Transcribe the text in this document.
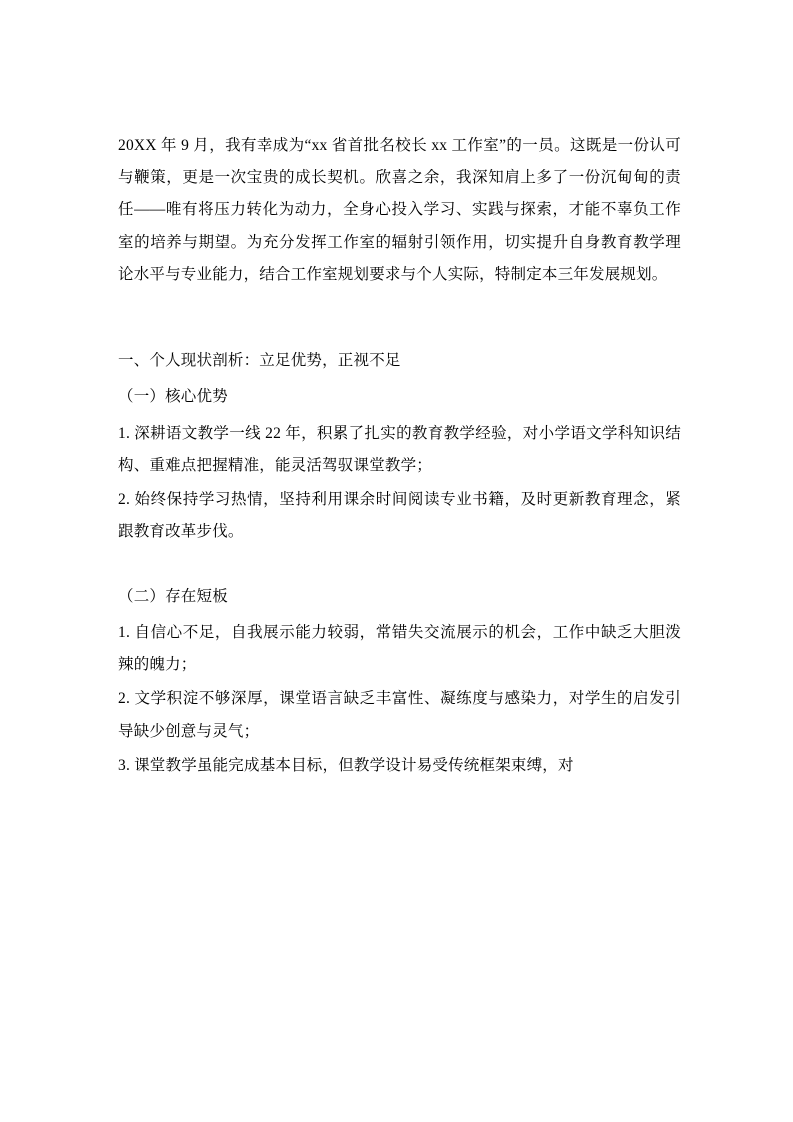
20XX 年 9 月，我有幸成为“xx 省首批名校长 xx 工作室”的一员。这既是一份认可与鞭策，更是一次宝贵的成长契机。欣喜之余，我深知肩上多了一份沉甸甸的责任——唯有将压力转化为动力，全身心投入学习、实践与探索，才能不辜负工作室的培养与期望。为充分发挥工作室的辐射引领作用，切实提升自身教育教学理论水平与专业能力，结合工作室规划要求与个人实际，特制定本三年发展规划。

一、个人现状剖析：立足优势，正视不足

（一）核心优势

1. 深耕语文教学一线 22 年，积累了扎实的教育教学经验，对小学语文学科知识结构、重难点把握精准，能灵活驾驭课堂教学；

2. 始终保持学习热情，坚持利用课余时间阅读专业书籍，及时更新教育理念，紧跟教育改革步伐。

（二）存在短板

1. 自信心不足，自我展示能力较弱，常错失交流展示的机会，工作中缺乏大胆泼辣的魄力；

2. 文学积淀不够深厚，课堂语言缺乏丰富性、凝练度与感染力，对学生的启发引导缺少创意与灵气；

3. 课堂教学虽能完成基本目标，但教学设计易受传统框架束缚，对
